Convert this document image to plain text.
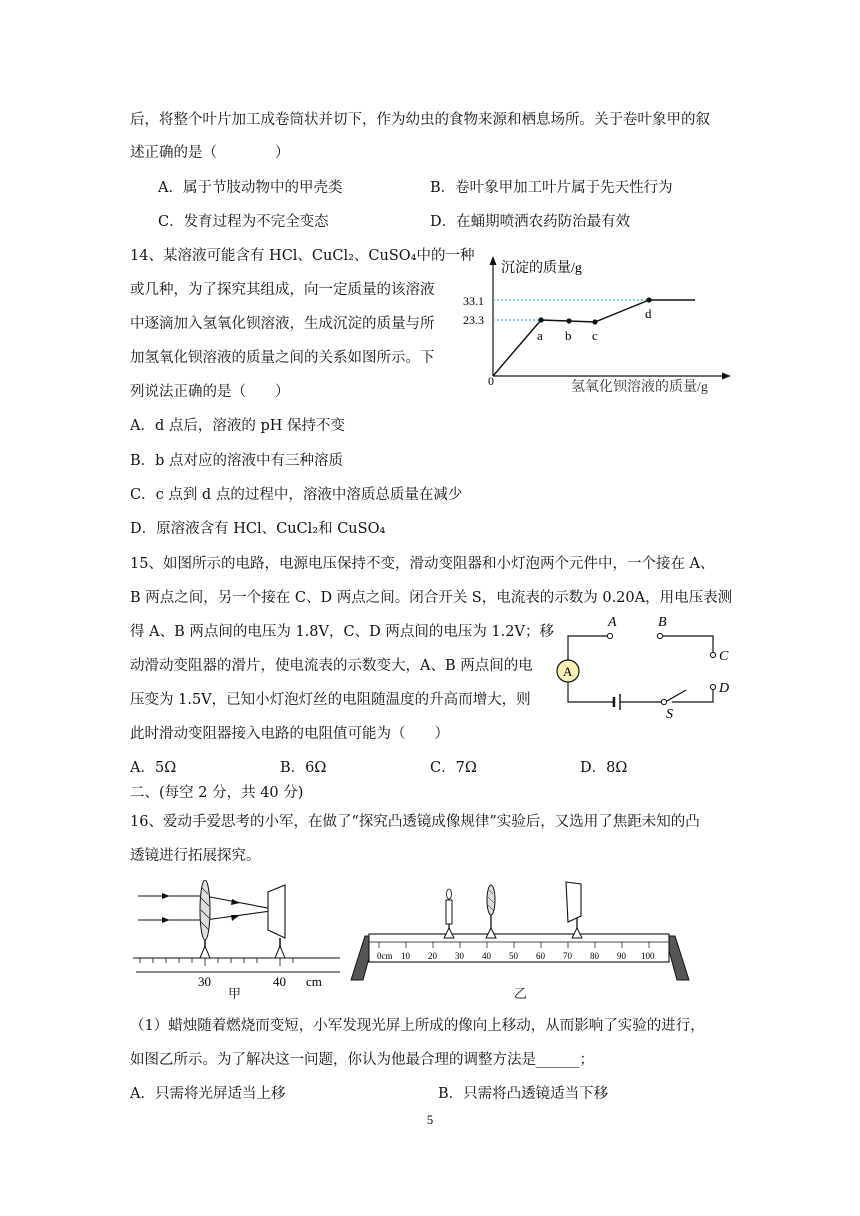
后，将整个叶片加工成卷筒状并切下，作为幼虫的食物来源和栖息场所。关于卷叶象甲的叙
述正确的是（　　　　）
A．属于节肢动物中的甲壳类	B．卷叶象甲加工叶片属于先天性行为
C．发育过程为不完全变态	D．在蛹期喷洒农药防治最有效
14、某溶液可能含有 HCl、CuCl₂、CuSO₄中的一种
或几种，为了探究其组成，向一定质量的该溶液
中逐滴加入氢氧化钡溶液，生成沉淀的质量与所
加氢氧化钡溶液的质量之间的关系如图所示。下
列说法正确的是（　　）
A．d 点后，溶液的 pH 保持不变
B．b 点对应的溶液中有三种溶质
C．c 点到 d 点的过程中，溶液中溶质总质量在减少
D．原溶液含有 HCl、CuCl₂和 CuSO₄
沉淀的质量/g
氢氧化钡溶液的质量/g
0
33.1
23.3
a b c
d
15、如图所示的电路，电源电压保持不变，滑动变阻器和小灯泡两个元件中，一个接在 A、
B 两点之间，另一个接在 C、D 两点之间。闭合开关 S，电流表的示数为 0.20A，用电压表测
得 A、B 两点间的电压为 1.8V，C、D 两点间的电压为 1.2V；移
动滑动变阻器的滑片，使电流表的示数变大，A、B 两点间的电
压变为 1.5V，已知小灯泡灯丝的电阻随温度的升高而增大，则
此时滑动变阻器接入电路的电阻值可能为（　　）
A．5Ω	B．6Ω	C．7Ω	D．8Ω
A	B
C
D
S
A
二、(每空 2 分，共 40 分)
16、爱动手爱思考的小军，在做了“探究凸透镜成像规律”实验后，又选用了焦距未知的凸
透镜进行拓展探究。
30	40 cm
甲
0cm 10 20 30 40 50 60 70 80 90 100
乙
（1）蜡烛随着燃烧而变短，小军发现光屏上所成的像向上移动，从而影响了实验的进行，
如图乙所示。为了解决这一问题，你认为他最合理的调整方法是______；
A．只需将光屏适当上移	B．只需将凸透镜适当下移
5
